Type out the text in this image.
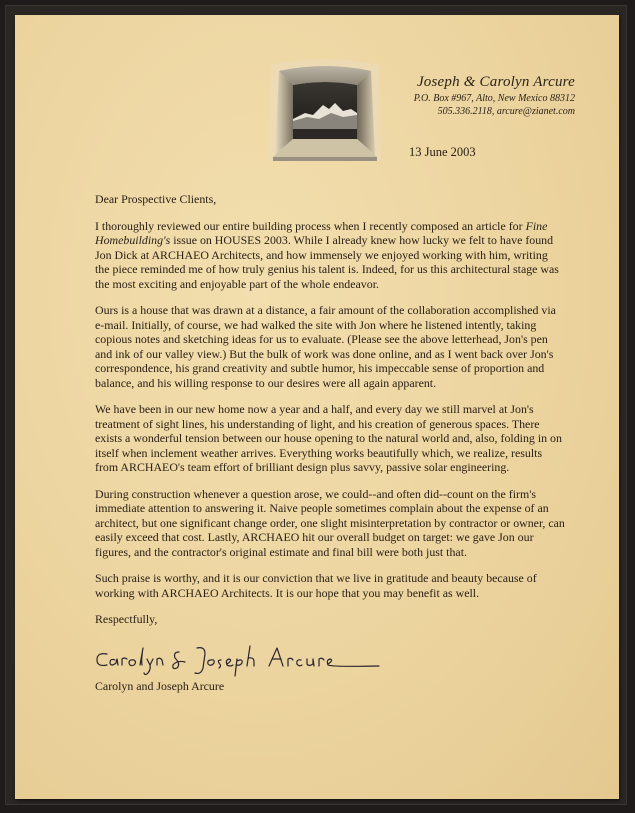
Joseph & Carolyn Arcure
P.O. Box #967, Alto, New Mexico 88312
505.336.2118, arcure@zianet.com
13 June 2003

Dear Prospective Clients,

I thoroughly reviewed our entire building process when I recently composed an article for Fine Homebuilding's issue on HOUSES 2003. While I already knew how lucky we felt to have found Jon Dick at ARCHAEO Architects, and how immensely we enjoyed working with him, writing the piece reminded me of how truly genius his talent is. Indeed, for us this architectural stage was the most exciting and enjoyable part of the whole endeavor.

Ours is a house that was drawn at a distance, a fair amount of the collaboration accomplished via e-mail. Initially, of course, we had walked the site with Jon where he listened intently, taking copious notes and sketching ideas for us to evaluate. (Please see the above letterhead, Jon's pen and ink of our valley view.) But the bulk of work was done online, and as I went back over Jon's correspondence, his grand creativity and subtle humor, his impeccable sense of proportion and balance, and his willing response to our desires were all again apparent.

We have been in our new home now a year and a half, and every day we still marvel at Jon's treatment of sight lines, his understanding of light, and his creation of generous spaces. There exists a wonderful tension between our house opening to the natural world and, also, folding in on itself when inclement weather arrives. Everything works beautifully which, we realize, results from ARCHAEO's team effort of brilliant design plus savvy, passive solar engineering.

During construction whenever a question arose, we could--and often did--count on the firm's immediate attention to answering it. Naive people sometimes complain about the expense of an architect, but one significant change order, one slight misinterpretation by contractor or owner, can easily exceed that cost. Lastly, ARCHAEO hit our overall budget on target: we gave Jon our figures, and the contractor's original estimate and final bill were both just that.

Such praise is worthy, and it is our conviction that we live in gratitude and beauty because of working with ARCHAEO Architects. It is our hope that you may benefit as well.

Respectfully,

Carolyn and Joseph Arcure
